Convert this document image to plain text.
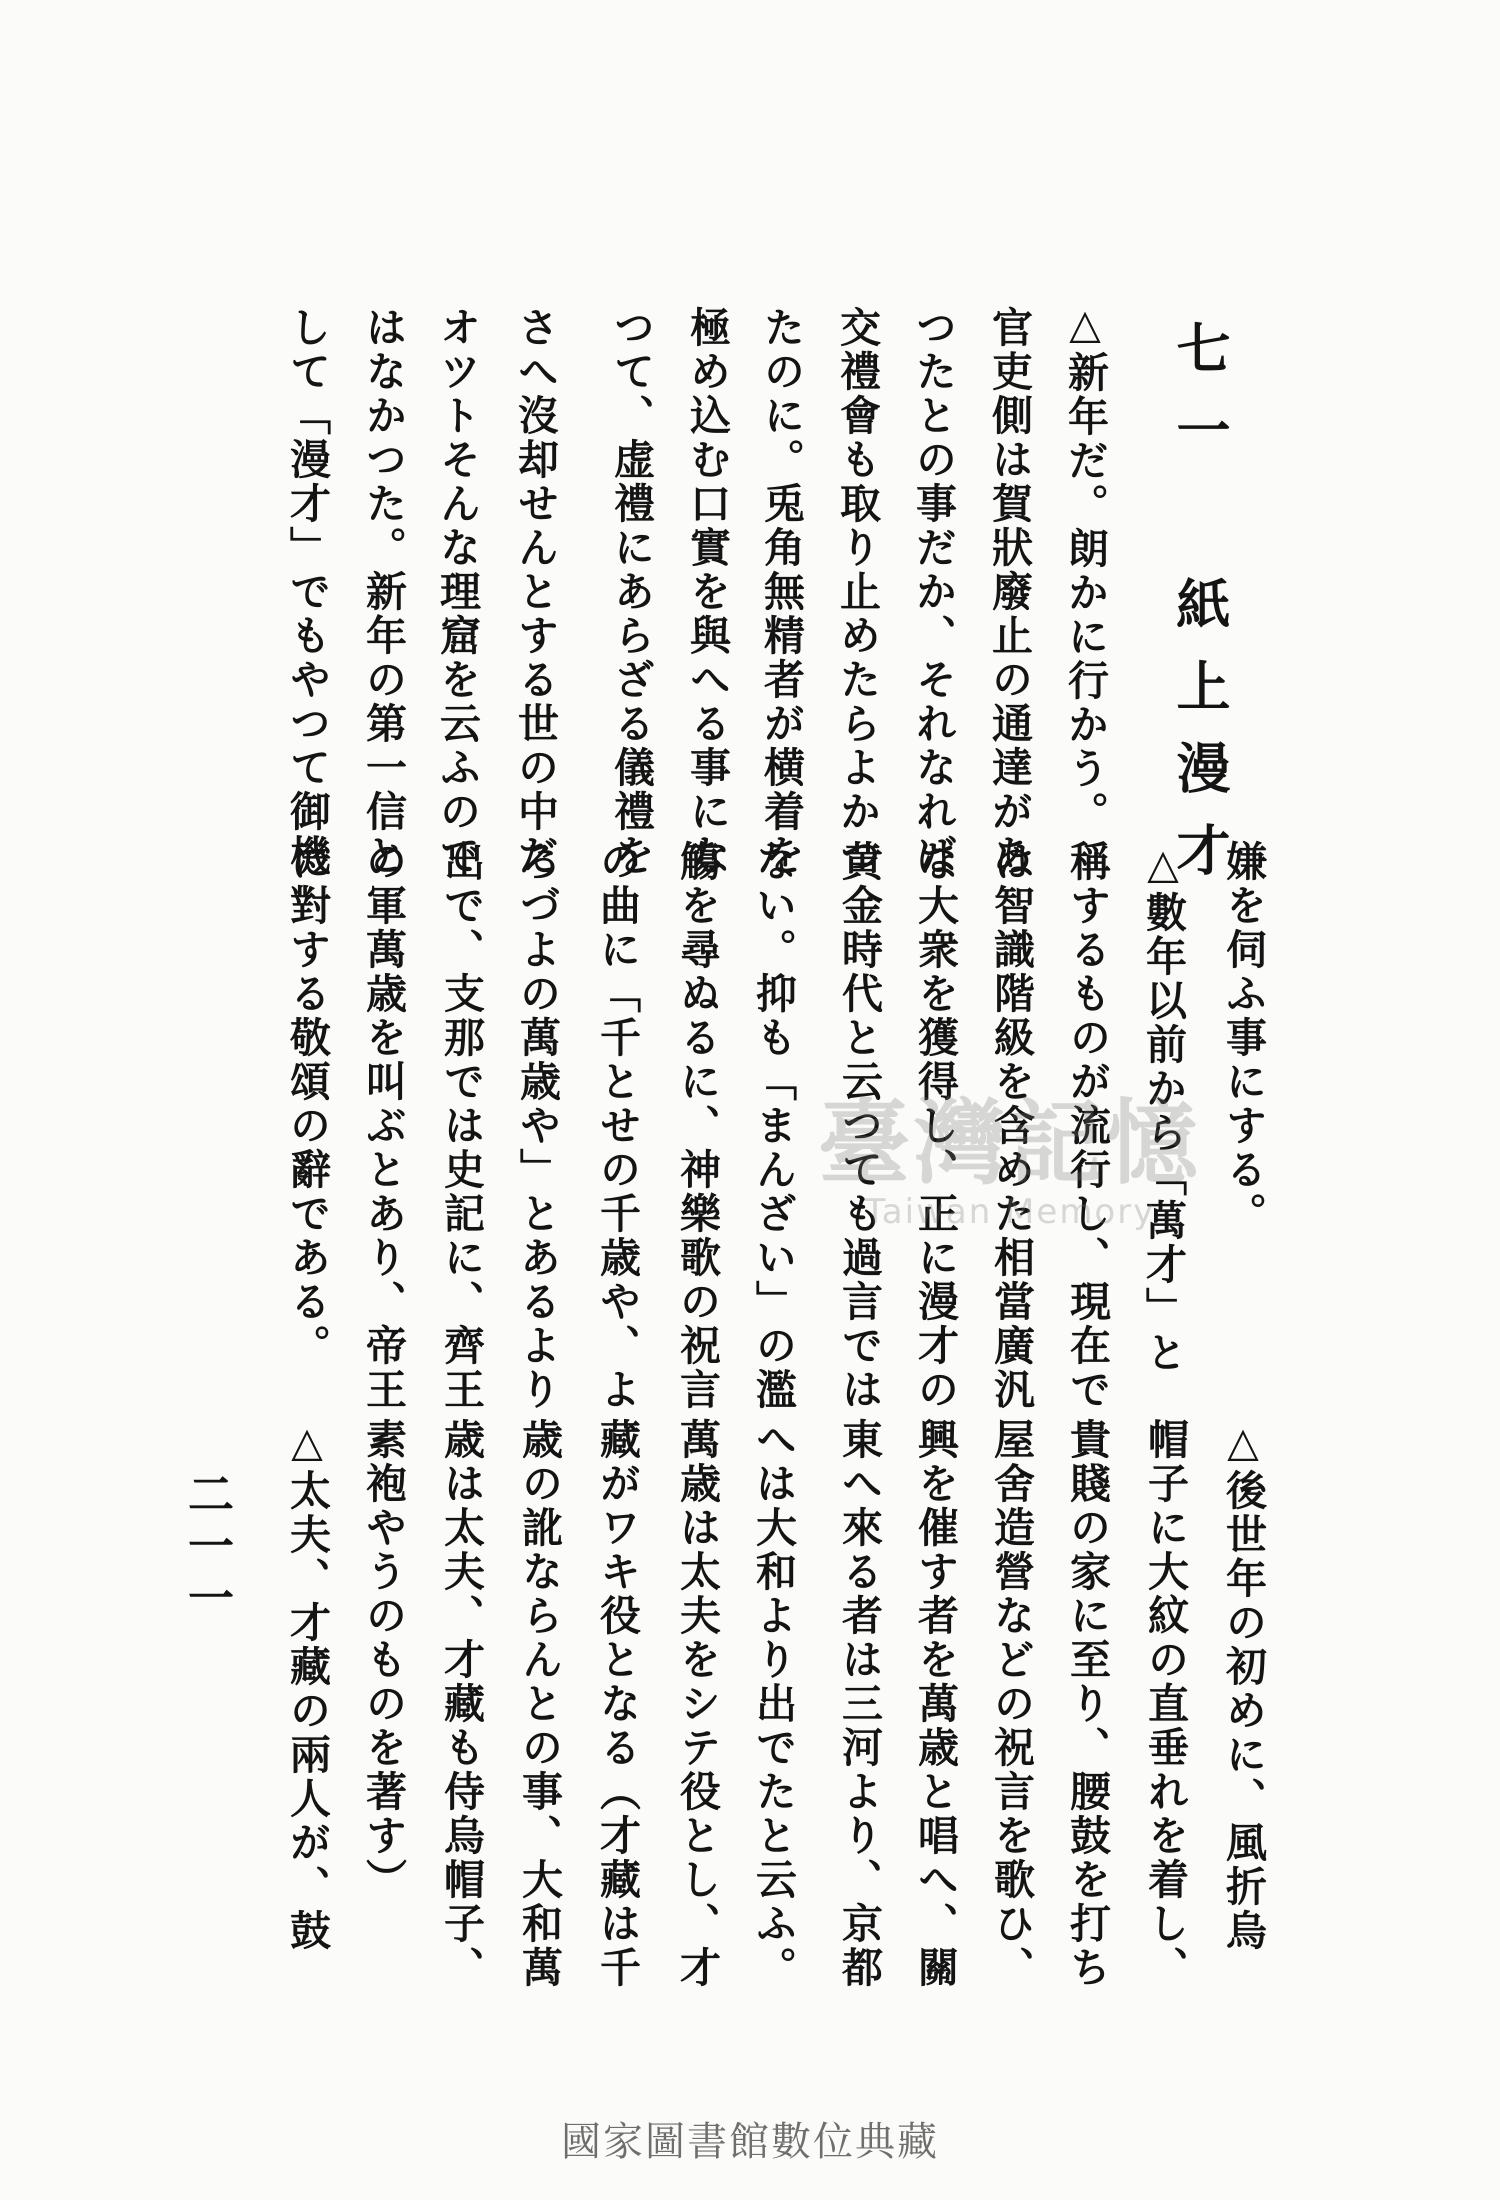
七一 紙上漫才
△新年だ。朗かに行かう。
官吏側は賀狀廢止の通達があ
つたとの事だか、それなれば
交禮會も取り止めたらよかつ
たのに。兎角無精者が横着を
極め込む口實を與へる事にな
つて、虚禮にあらざる儀禮を
さへ沒却せんとする世の中だ
オツトそんな理窟を云ふので
はなかつた。新年の第一信と
して「漫才」でもやつて御機
嫌を伺ふ事にする。
△數年以前から「萬才」と
稱するものが流行し、現在で
は智識階級を含めた相當廣汎
な大衆を獲得し、正に漫才の
黄金時代と云つても過言では
ない。抑も「まんざい」の濫
觴を尋ぬるに、神樂歌の祝言
の曲に「千とせの千歳や、よ
ろづよの萬歳や」とあるより
出で、支那では史記に、齊王
の軍萬歳を叫ぶとあり、帝王
に對する敬頌の辭である。
△後世年の初めに、風折烏
帽子に大紋の直垂れを着し、
貴賤の家に至り、腰鼓を打ち
屋舍造營などの祝言を歌ひ、
興を催す者を萬歳と唱へ、關
東へ來る者は三河より、京都
へは大和より出でたと云ふ。
萬歳は太夫をシテ役とし、才
藏がワキ役となる（才藏は千
歳の訛ならんとの事、大和萬
歳は太夫、才藏も侍烏帽子、
素袍やうのものを著す）
△太夫、才藏の兩人が、鼓
二一一
臺灣記憶
Taiwan Memory
國家圖書館數位典藏
